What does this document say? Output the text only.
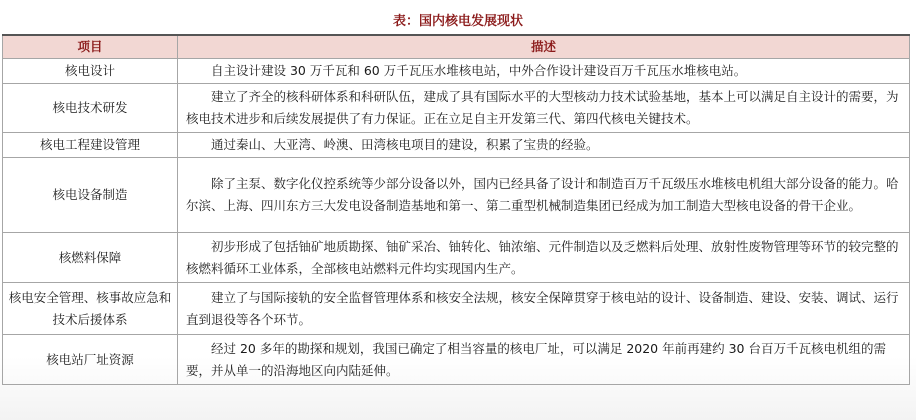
表：国内核电发展现状
项目	描述
核电设计	自主设计建设 30 万千瓦和 60 万千瓦压水堆核电站，中外合作设计建设百万千瓦压水堆核电站。
核电技术研发	建立了齐全的核科研体系和科研队伍，建成了具有国际水平的大型核动力技术试验基地，基本上可以满足自主设计的需要，为核电技术进步和后续发展提供了有力保证。正在立足自主开发第三代、第四代核电关键技术。
核电工程建设管理	通过秦山、大亚湾、岭澳、田湾核电项目的建设，积累了宝贵的经验。
核电设备制造	除了主泵、数字化仪控系统等少部分设备以外，国内已经具备了设计和制造百万千瓦级压水堆核电机组大部分设备的能力。哈尔滨、上海、四川东方三大发电设备制造基地和第一、第二重型机械制造集团已经成为加工制造大型核电设备的骨干企业。
核燃料保障	初步形成了包括铀矿地质勘探、铀矿采冶、铀转化、铀浓缩、元件制造以及乏燃料后处理、放射性废物管理等环节的较完整的核燃料循环工业体系，全部核电站燃料元件均实现国内生产。
核电安全管理、核事故应急和技术后援体系	建立了与国际接轨的安全监督管理体系和核安全法规，核安全保障贯穿于核电站的设计、设备制造、建设、安装、调试、运行直到退役等各个环节。
核电站厂址资源	经过 20 多年的勘探和规划，我国已确定了相当容量的核电厂址，可以满足 2020 年前再建约 30 台百万千瓦核电机组的需要，并从单一的沿海地区向内陆延伸。
